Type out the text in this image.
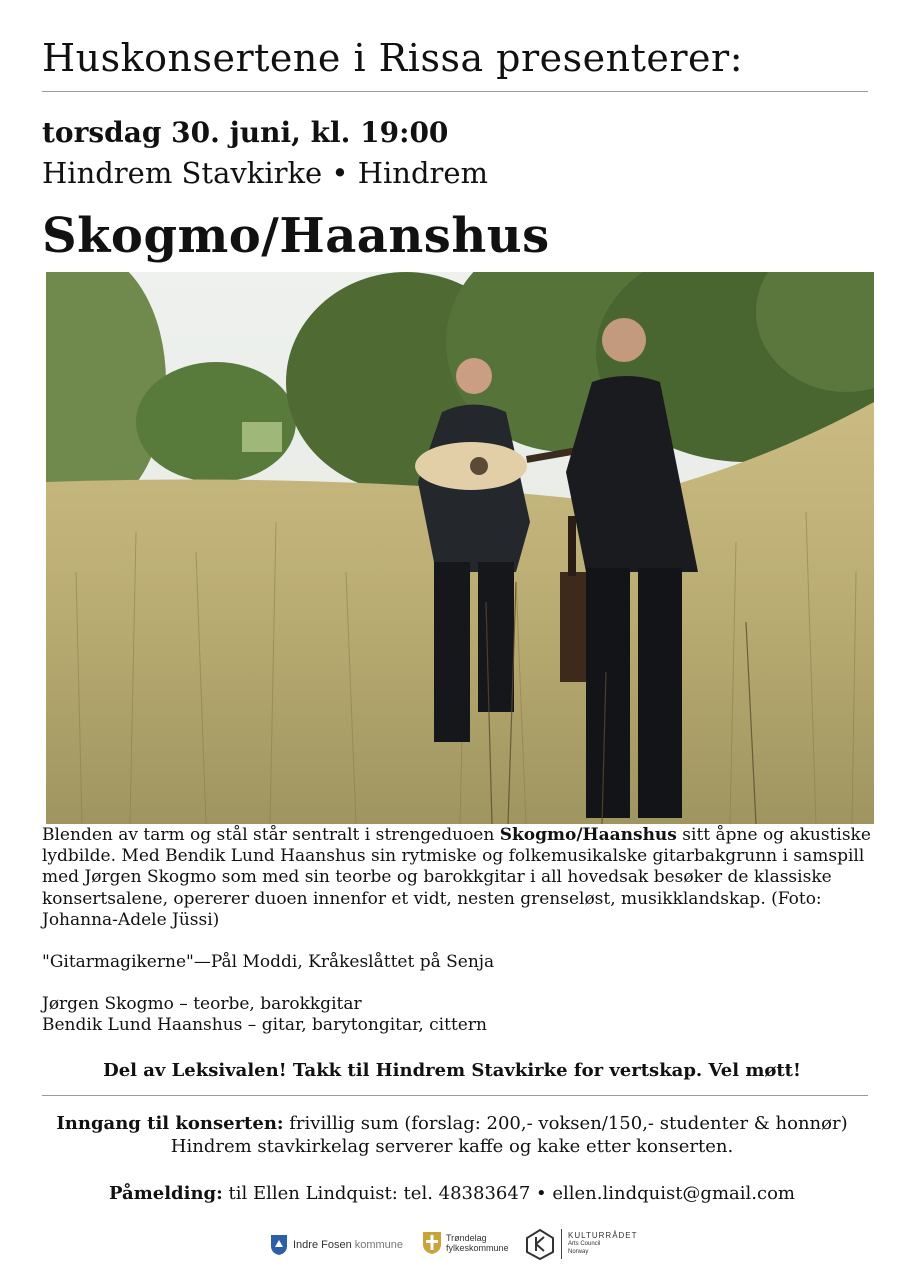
Huskonsertene i Rissa presenterer:
torsdag 30. juni, kl. 19:00
Hindrem Stavkirke • Hindrem
Skogmo/Haanshus

Blenden av tarm og stål står sentralt i strengeduoen Skogmo/Haanshus sitt åpne og akustiske lydbilde. Med Bendik Lund Haanshus sin rytmiske og folkemusikalske gitarbakgrunn i samspill med Jørgen Skogmo som med sin teorbe og barokkgitar i all hovedsak besøker de klassiske konsertsalene, opererer duoen innenfor et vidt, nesten grenseløst, musikklandskap. (Foto: Johanna-Adele Jüssi)

"Gitarmagikerne"—Pål Moddi, Kråkeslåttet på Senja

Jørgen Skogmo – teorbe, barokkgitar

Bendik Lund Haanshus – gitar, barytongitar, cittern

Del av Leksivalen! Takk til Hindrem Stavkirke for vertskap. Vel møtt!
Inngang til konserten: frivillig sum (forslag: 200,- voksen/150,- studenter & honnør)
Hindrem stavkirkelag serverer kaffe og kake etter konserten.
Påmelding: til Ellen Lindquist: tel. 48383647 • ellen.lindquist@gmail.com
Indre Fosen kommune
Trøndelag
fylkeskommune
KULTURRÅDET
Arts Council
Norway
